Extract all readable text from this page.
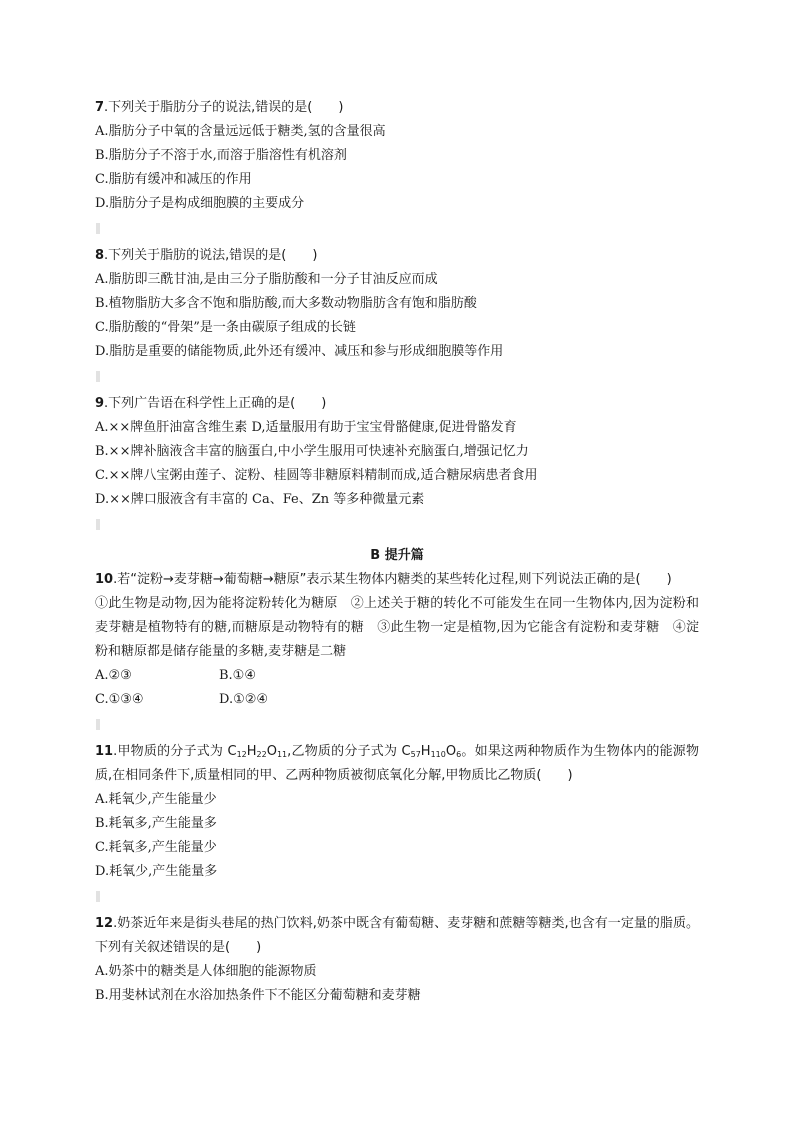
7.下列关于脂肪分子的说法,错误的是(　　)
A.脂肪分子中氧的含量远远低于糖类,氢的含量很高
B.脂肪分子不溶于水,而溶于脂溶性有机溶剂
C.脂肪有缓冲和减压的作用
D.脂肪分子是构成细胞膜的主要成分
8.下列关于脂肪的说法,错误的是(　　)
A.脂肪即三酰甘油,是由三分子脂肪酸和一分子甘油反应而成
B.植物脂肪大多含不饱和脂肪酸,而大多数动物脂肪含有饱和脂肪酸
C.脂肪酸的“骨架”是一条由碳原子组成的长链
D.脂肪是重要的储能物质,此外还有缓冲、减压和参与形成细胞膜等作用
9.下列广告语在科学性上正确的是(　　)
A.××牌鱼肝油富含维生素 D,适量服用有助于宝宝骨骼健康,促进骨骼发育
B.××牌补脑液含丰富的脑蛋白,中小学生服用可快速补充脑蛋白,增强记忆力
C.××牌八宝粥由莲子、淀粉、桂圆等非糖原料精制而成,适合糖尿病患者食用
D.××牌口服液含有丰富的 Ca、Fe、Zn 等多种微量元素
B 提升篇
10.若“淀粉→麦芽糖→葡萄糖→糖原”表示某生物体内糖类的某些转化过程,则下列说法正确的是(　　)
①此生物是动物,因为能将淀粉转化为糖原　②上述关于糖的转化不可能发生在同一生物体内,因为淀粉和麦芽糖是植物特有的糖,而糖原是动物特有的糖　③此生物一定是植物,因为它能含有淀粉和麦芽糖　④淀粉和糖原都是储存能量的多糖,麦芽糖是二糖
A.②③	B.①④
C.①③④	D.①②④
11.甲物质的分子式为 $C_{12}H_{22}O_{11}$,乙物质的分子式为 $C_{57}H_{110}O_6$。如果这两种物质作为生物体内的能源物质,在相同条件下,质量相同的甲、乙两种物质被彻底氧化分解,甲物质比乙物质(　　)
A.耗氧少,产生能量少
B.耗氧多,产生能量多
C.耗氧多,产生能量少
D.耗氧少,产生能量多
12.奶茶近年来是街头巷尾的热门饮料,奶茶中既含有葡萄糖、麦芽糖和蔗糖等糖类,也含有一定量的脂质。下列有关叙述错误的是(　　)
A.奶茶中的糖类是人体细胞的能源物质
B.用斐林试剂在水浴加热条件下不能区分葡萄糖和麦芽糖
